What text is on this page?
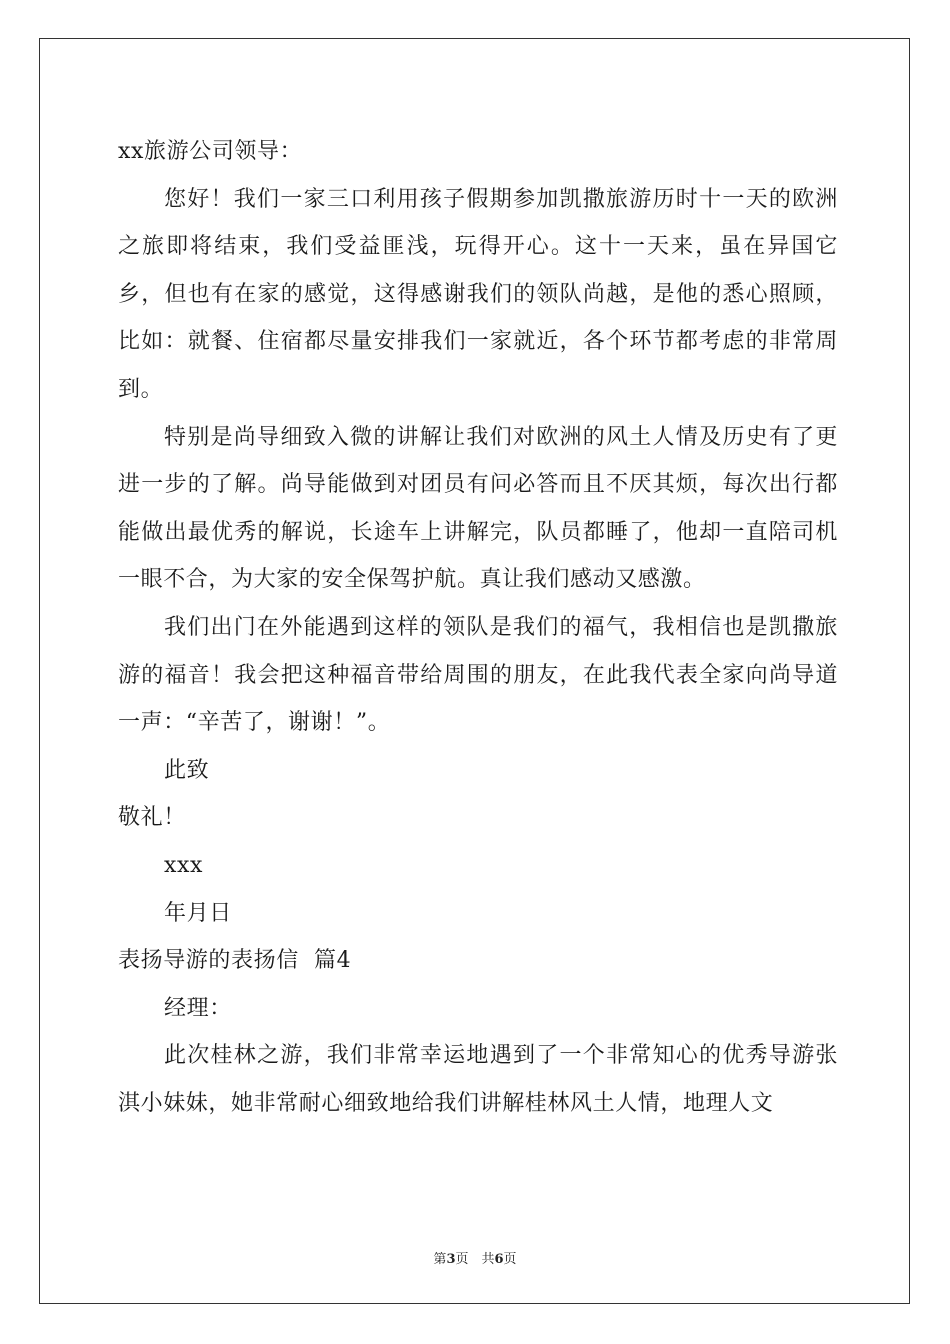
xx旅游公司领导：
您好！我们一家三口利用孩子假期参加凯撒旅游历时十一天的欧洲之旅即将结束，我们受益匪浅，玩得开心。这十一天来，虽在异国它乡，但也有在家的感觉，这得感谢我们的领队尚越，是他的悉心照顾，比如：就餐、住宿都尽量安排我们一家就近，各个环节都考虑的非常周到。
特别是尚导细致入微的讲解让我们对欧洲的风土人情及历史有了更进一步的了解。尚导能做到对团员有问必答而且不厌其烦，每次出行都能做出最优秀的解说，长途车上讲解完，队员都睡了，他却一直陪司机一眼不合，为大家的安全保驾护航。真让我们感动又感激。
我们出门在外能遇到这样的领队是我们的福气，我相信也是凯撒旅游的福音！我会把这种福音带给周围的朋友，在此我代表全家向尚导道一声：“辛苦了，谢谢！”。
此致
敬礼！
xxx
年月日
表扬导游的表扬信  篇4
经理：
此次桂林之游，我们非常幸运地遇到了一个非常知心的优秀导游张淇小妹妹，她非常耐心细致地给我们讲解桂林风土人情，地理人文
第3页　共6页
